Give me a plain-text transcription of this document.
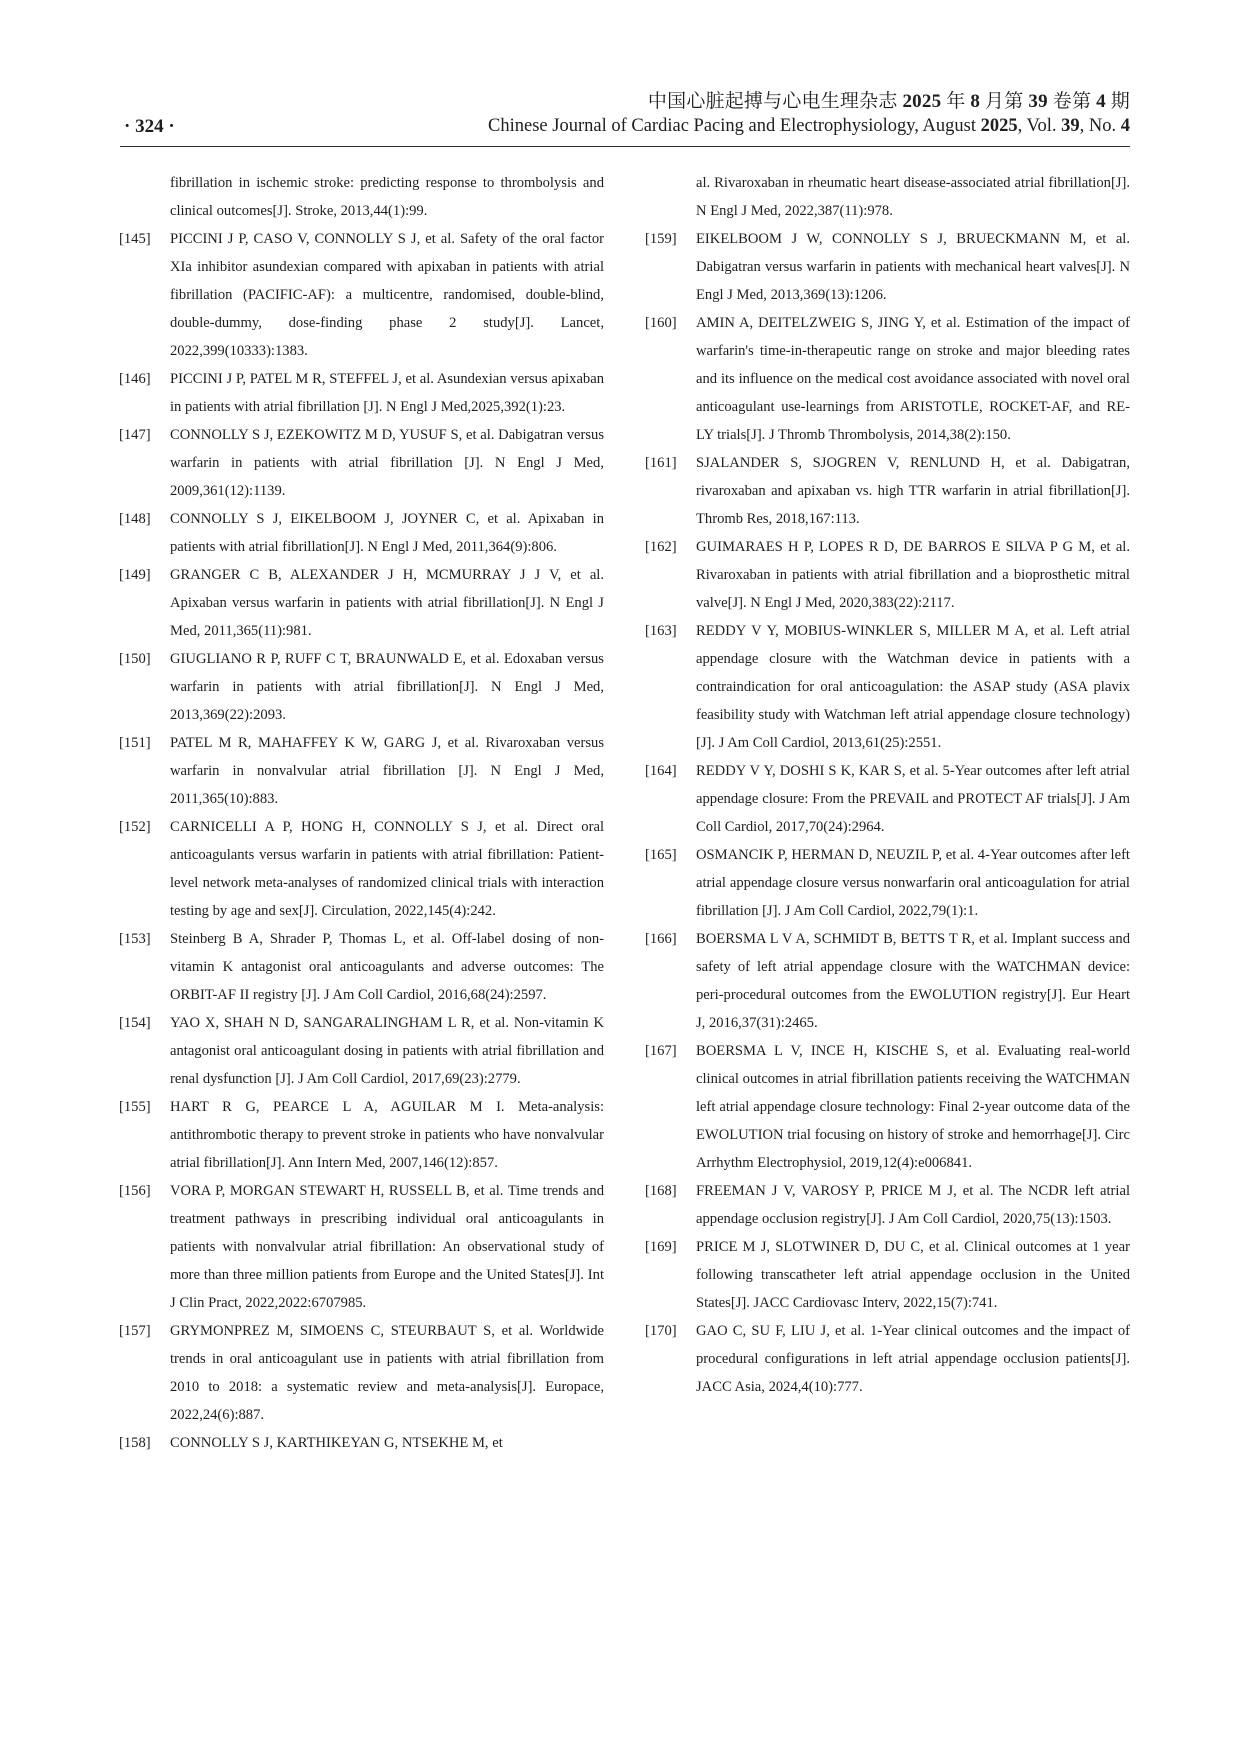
中国心脏起搏与心电生理杂志 2025 年 8 月第 39 卷第 4 期
· 324 ·	Chinese Journal of Cardiac Pacing and Electrophysiology, August 2025, Vol. 39, No. 4
fibrillation in ischemic stroke: predicting response to thrombolysis and clinical outcomes[J]. Stroke, 2013,44(1):99.
[145] PICCINI J P, CASO V, CONNOLLY S J, et al. Safety of the oral factor XIa inhibitor asundexian compared with apixaban in patients with atrial fibrillation (PACIFIC-AF): a multicentre, randomised, double-blind, double-dummy, dose-finding phase 2 study[J]. Lancet, 2022,399(10333):1383.
[146] PICCINI J P, PATEL M R, STEFFEL J, et al. Asundexian versus apixaban in patients with atrial fibrillation [J]. N Engl J Med,2025,392(1):23.
[147] CONNOLLY S J, EZEKOWITZ M D, YUSUF S, et al. Dabigatran versus warfarin in patients with atrial fibrillation [J]. N Engl J Med, 2009,361(12):1139.
[148] CONNOLLY S J, EIKELBOOM J, JOYNER C, et al. Apixaban in patients with atrial fibrillation[J]. N Engl J Med, 2011,364(9):806.
[149] GRANGER C B, ALEXANDER J H, MCMURRAY J J V, et al. Apixaban versus warfarin in patients with atrial fibrillation[J]. N Engl J Med, 2011,365(11):981.
[150] GIUGLIANO R P, RUFF C T, BRAUNWALD E, et al. Edoxaban versus warfarin in patients with atrial fibrillation[J]. N Engl J Med, 2013,369(22):2093.
[151] PATEL M R, MAHAFFEY K W, GARG J, et al. Rivaroxaban versus warfarin in nonvalvular atrial fibrillation [J]. N Engl J Med, 2011,365(10):883.
[152] CARNICELLI A P, HONG H, CONNOLLY S J, et al. Direct oral anticoagulants versus warfarin in patients with atrial fibrillation: Patient-level network meta-analyses of randomized clinical trials with interaction testing by age and sex[J]. Circulation, 2022,145(4):242.
[153] Steinberg B A, Shrader P, Thomas L, et al. Off-label dosing of non-vitamin K antagonist oral anticoagulants and adverse outcomes: The ORBIT-AF II registry [J]. J Am Coll Cardiol, 2016,68(24):2597.
[154] YAO X, SHAH N D, SANGARALINGHAM L R, et al. Non-vitamin K antagonist oral anticoagulant dosing in patients with atrial fibrillation and renal dysfunction [J]. J Am Coll Cardiol, 2017,69(23):2779.
[155] HART R G, PEARCE L A, AGUILAR M I. Meta-analysis: antithrombotic therapy to prevent stroke in patients who have nonvalvular atrial fibrillation[J]. Ann Intern Med, 2007,146(12):857.
[156] VORA P, MORGAN STEWART H, RUSSELL B, et al. Time trends and treatment pathways in prescribing individual oral anticoagulants in patients with nonvalvular atrial fibrillation: An observational study of more than three million patients from Europe and the United States[J]. Int J Clin Pract, 2022,2022:6707985.
[157] GRYMONPREZ M, SIMOENS C, STEURBAUT S, et al. Worldwide trends in oral anticoagulant use in patients with atrial fibrillation from 2010 to 2018: a systematic review and meta-analysis[J]. Europace, 2022,24(6):887.
[158] CONNOLLY S J, KARTHIKEYAN G, NTSEKHE M, et
al. Rivaroxaban in rheumatic heart disease-associated atrial fibrillation[J]. N Engl J Med, 2022,387(11):978.
[159] EIKELBOOM J W, CONNOLLY S J, BRUECKMANN M, et al. Dabigatran versus warfarin in patients with mechanical heart valves[J]. N Engl J Med, 2013,369(13):1206.
[160] AMIN A, DEITELZWEIG S, JING Y, et al. Estimation of the impact of warfarin's time-in-therapeutic range on stroke and major bleeding rates and its influence on the medical cost avoidance associated with novel oral anticoagulant use-learnings from ARISTOTLE, ROCKET-AF, and RE-LY trials[J]. J Thromb Thrombolysis, 2014,38(2):150.
[161] SJALANDER S, SJOGREN V, RENLUND H, et al. Dabigatran, rivaroxaban and apixaban vs. high TTR warfarin in atrial fibrillation[J]. Thromb Res, 2018,167:113.
[162] GUIMARAES H P, LOPES R D, DE BARROS E SILVA P G M, et al. Rivaroxaban in patients with atrial fibrillation and a bioprosthetic mitral valve[J]. N Engl J Med, 2020,383(22):2117.
[163] REDDY V Y, MOBIUS-WINKLER S, MILLER M A, et al. Left atrial appendage closure with the Watchman device in patients with a contraindication for oral anticoagulation: the ASAP study (ASA plavix feasibility study with Watchman left atrial appendage closure technology)[J]. J Am Coll Cardiol, 2013,61(25):2551.
[164] REDDY V Y, DOSHI S K, KAR S, et al. 5-Year outcomes after left atrial appendage closure: From the PREVAIL and PROTECT AF trials[J]. J Am Coll Cardiol, 2017,70(24):2964.
[165] OSMANCIK P, HERMAN D, NEUZIL P, et al. 4-Year outcomes after left atrial appendage closure versus nonwarfarin oral anticoagulation for atrial fibrillation [J]. J Am Coll Cardiol, 2022,79(1):1.
[166] BOERSMA L V A, SCHMIDT B, BETTS T R, et al. Implant success and safety of left atrial appendage closure with the WATCHMAN device: peri-procedural outcomes from the EWOLUTION registry[J]. Eur Heart J, 2016,37(31):2465.
[167] BOERSMA L V, INCE H, KISCHE S, et al. Evaluating real-world clinical outcomes in atrial fibrillation patients receiving the WATCHMAN left atrial appendage closure technology: Final 2-year outcome data of the EWOLUTION trial focusing on history of stroke and hemorrhage[J]. Circ Arrhythm Electrophysiol, 2019,12(4):e006841.
[168] FREEMAN J V, VAROSY P, PRICE M J, et al. The NCDR left atrial appendage occlusion registry[J]. J Am Coll Cardiol, 2020,75(13):1503.
[169] PRICE M J, SLOTWINER D, DU C, et al. Clinical outcomes at 1 year following transcatheter left atrial appendage occlusion in the United States[J]. JACC Cardiovasc Interv, 2022,15(7):741.
[170] GAO C, SU F, LIU J, et al. 1-Year clinical outcomes and the impact of procedural configurations in left atrial appendage occlusion patients[J]. JACC Asia, 2024,4(10):777.
